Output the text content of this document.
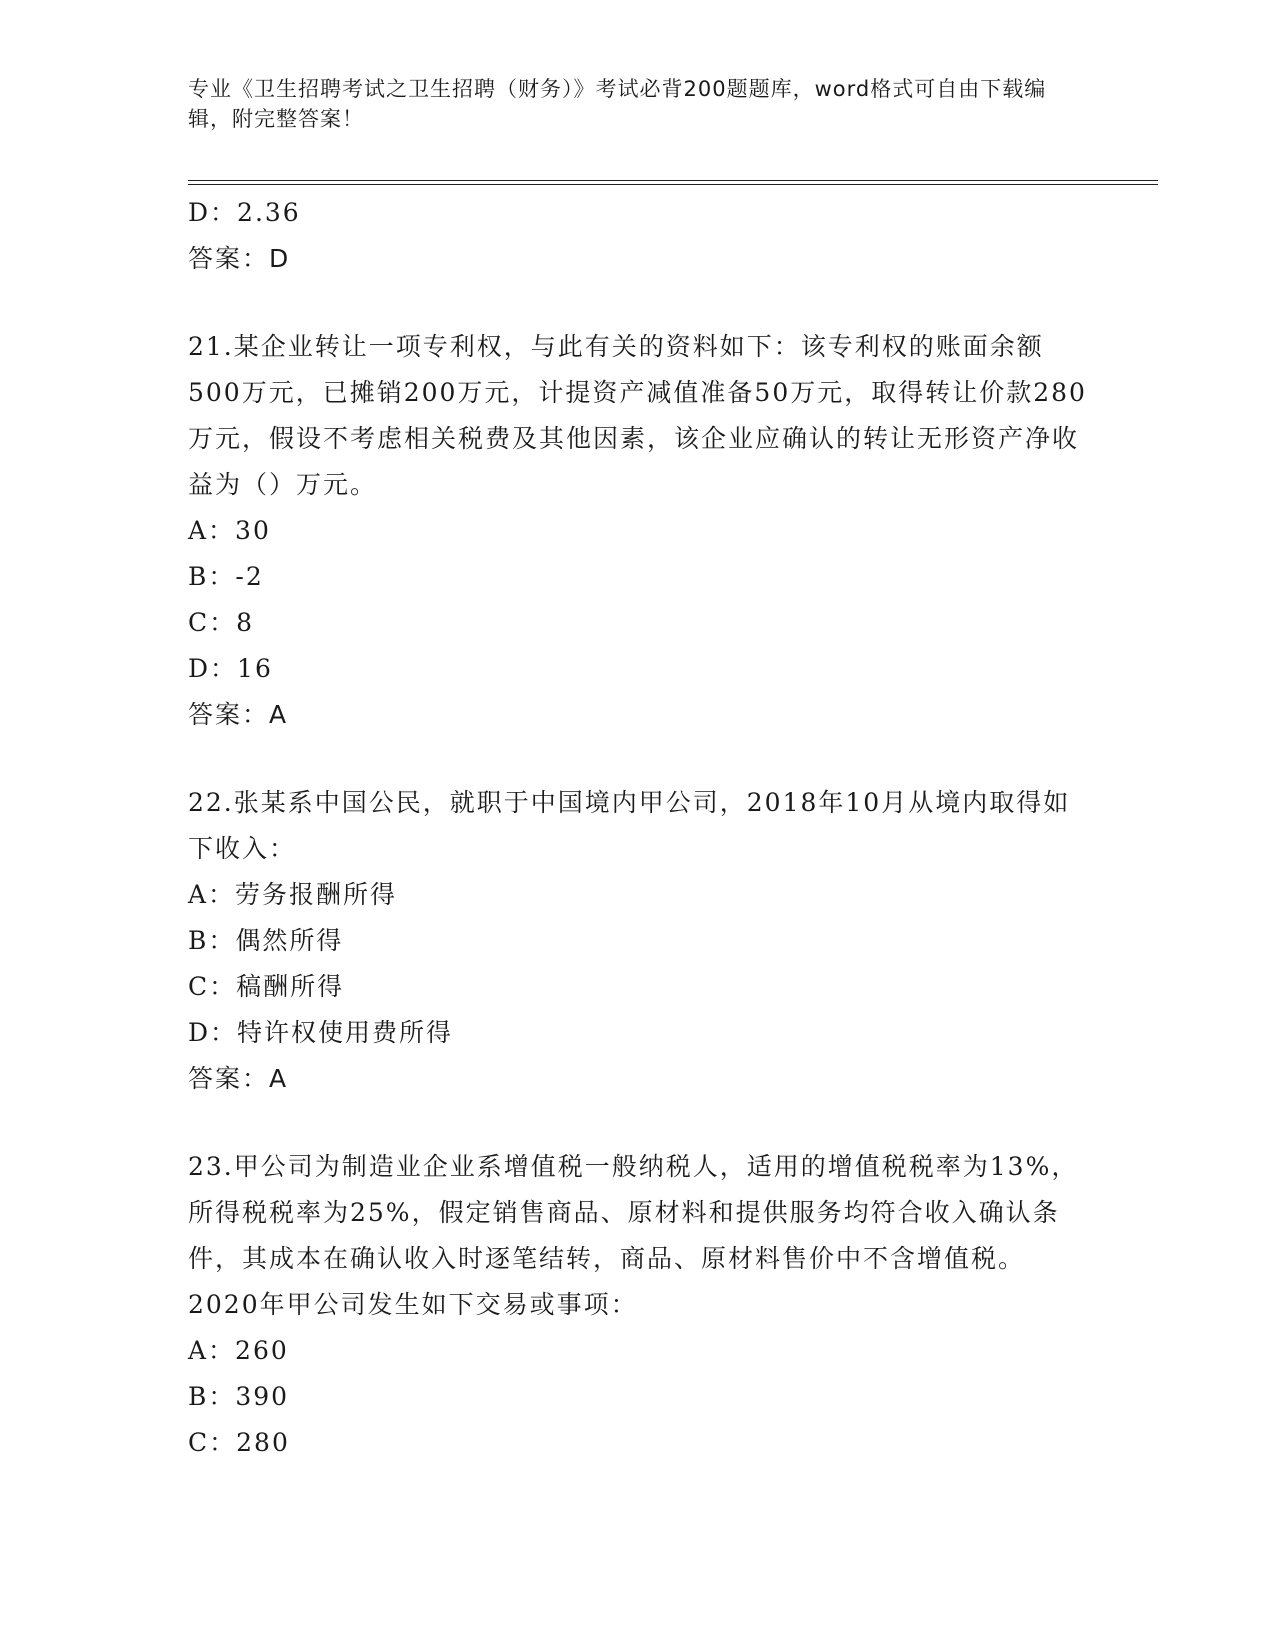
专业《卫生招聘考试之卫生招聘（财务）》考试必背200题题库，word格式可自由下载编辑，附完整答案！

D：2.36

答案：D

21.某企业转让一项专利权，与此有关的资料如下：该专利权的账面余额500万元，已摊销200万元，计提资产减值准备50万元，取得转让价款280万元，假设不考虑相关税费及其他因素，该企业应确认的转让无形资产净收益为（）万元。

A：30

B：-2

C：8

D：16

答案：A

22.张某系中国公民，就职于中国境内甲公司，2018年10月从境内取得如下收入：

A：劳务报酬所得

B：偶然所得

C：稿酬所得

D：特许权使用费所得

答案：A

23.甲公司为制造业企业系增值税一般纳税人，适用的增值税税率为13%，所得税税率为25%，假定销售商品、原材料和提供服务均符合收入确认条件，其成本在确认收入时逐笔结转，商品、原材料售价中不含增值税。2020年甲公司发生如下交易或事项：

A：260

B：390

C：280
